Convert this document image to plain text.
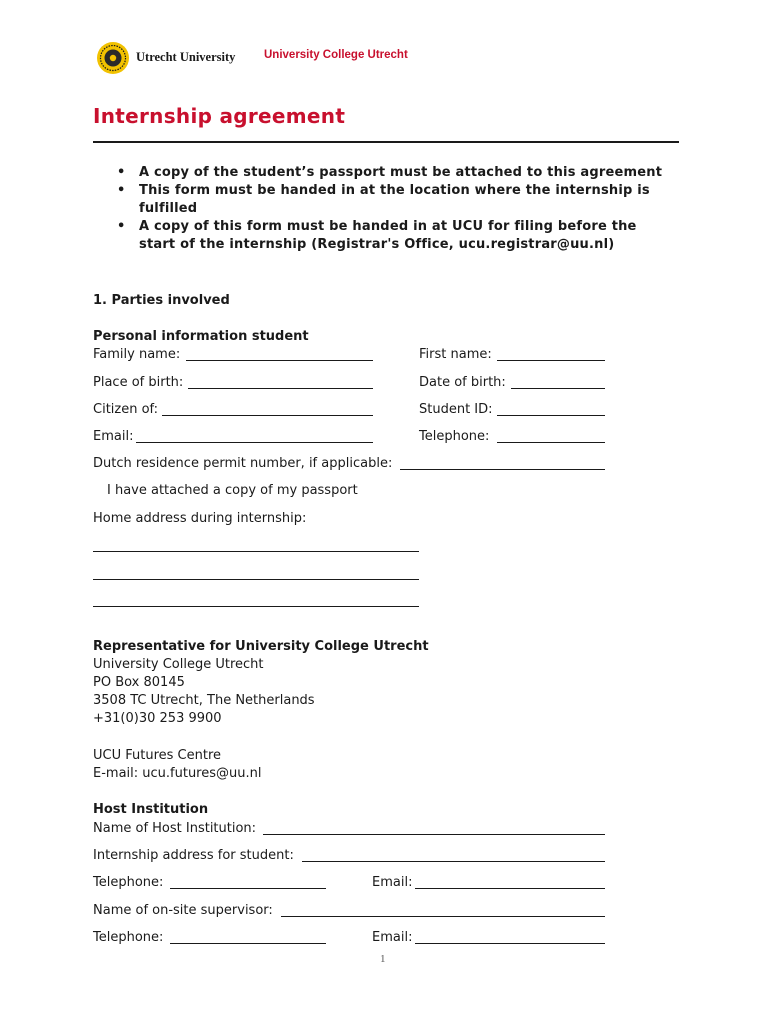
Utrecht University University College Utrecht
Internship agreement
• A copy of the student’s passport must be attached to this agreement
• This form must be handed in at the location where the internship is fulfilled
• A copy of this form must be handed in at UCU for filing before the start of the internship (Registrar's Office, ucu.registrar@uu.nl)
1. Parties involved
Personal information student
Family name:	First name:
Place of birth:	Date of birth:
Citizen of:	Student ID:
Email:	Telephone:
Dutch residence permit number, if applicable:
I have attached a copy of my passport
Home address during internship:
Representative for University College Utrecht
University College Utrecht
PO Box 80145
3508 TC Utrecht, The Netherlands
+31(0)30 253 9900
UCU Futures Centre
E-mail: ucu.futures@uu.nl
Host Institution
Name of Host Institution:
Internship address for student:
Telephone:	Email:
Name of on-site supervisor:
Telephone:	Email:
1
